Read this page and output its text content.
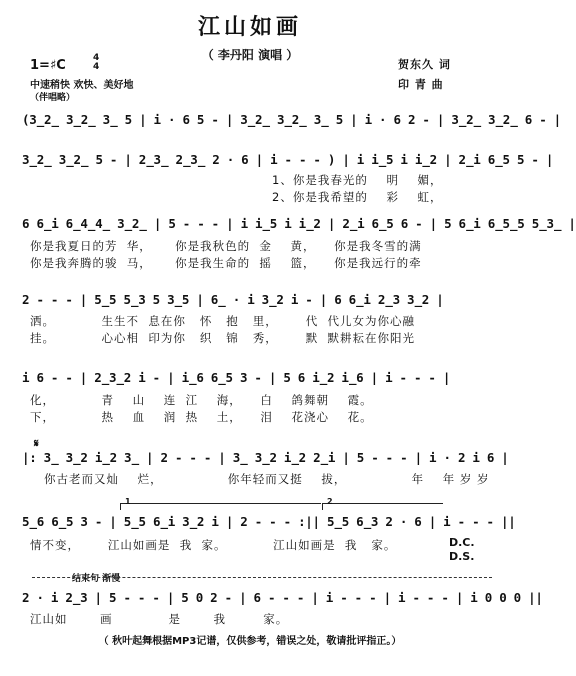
江山如画
（ 李丹阳 演唱 ）
贺东久 词
印 青 曲
1=♯C	4
4
中速稍快 欢快、美好地
（伴唱略）
(3̲2̲ 3̲2̲ 3̲ 5 | i · 6 5 - | 3̲2̲ 3̲2̲ 3̲ 5 | i · 6 2 - | 3̲2̲ 3̲2̲ 6 - |
3̲2̲ 3̲2̲ 5 - | 2̲3̲ 2̲3̲ 2 · 6 | i - - - ) | i i̲5 i i̲2 | 2̲i 6̲5 5 - |
1、你是我春光的    明    媚，
2、你是我希望的    彩    虹，
6 6̲i 6̲4̲4̲ 3̲2̲ | 5 - - - | i i̲5 i i̲2 | 2̲i 6̲5 6 - | 5 6̲i 6̲5̲5 5̲3̲ |
你是我夏日的芳  华，     你是我秋色的  金    黄，    你是我冬雪的满
你是我奔腾的骏  马，     你是我生命的  摇    篮，    你是我远行的牵
2 - - - | 5̲5 5̲3 5 3̲5 | 6̲ · i 3̲2 i - | 6 6̲i 2̲3 3̲2 |
洒。          生生不  息在你   怀   抱   里，      代  代儿女为你心融
挂。          心心相  印为你   织   锦   秀，      默  默耕耘在你阳光
i 6 - - | 2̲3̲2 i - | i̲6 6̲5 3 - | 5 6 i̲2 i̲6 | i - - - |
化，          青    山    连  江    海，    白    鸽舞朝    霞。
下，          热    血    润  热    土，    泪    花浇心    花。
𝄋
|: 3̲ 3̲2 i̲2 3̲ | 2 - - - | 3̲ 3̲2 i̲2 2̲i | 5 - - - | i · 2 i 6 |
你古老而又灿    烂，              你年轻而又挺    拔，              年    年 岁 岁
1	2
5̲6 6̲5 3 - | 5̲5 6̲i 3̲2 i | 2 - - - :|| 5̲5 6̲3 2 · 6 | i - - - ||
情不变，      江山如画是  我  家。          江山如画是  我   家。	D.C.
D.S.
结束句 渐慢
2 · i 2̲3 | 5 - - - | 5 0 2 - | 6 - - - | i - - - | i - - - | i 0 0 0 ||
江山如       画            是       我        家。
（ 秋叶起舞根据MP3记谱，仅供参考，错误之处，敬请批评指正。）
